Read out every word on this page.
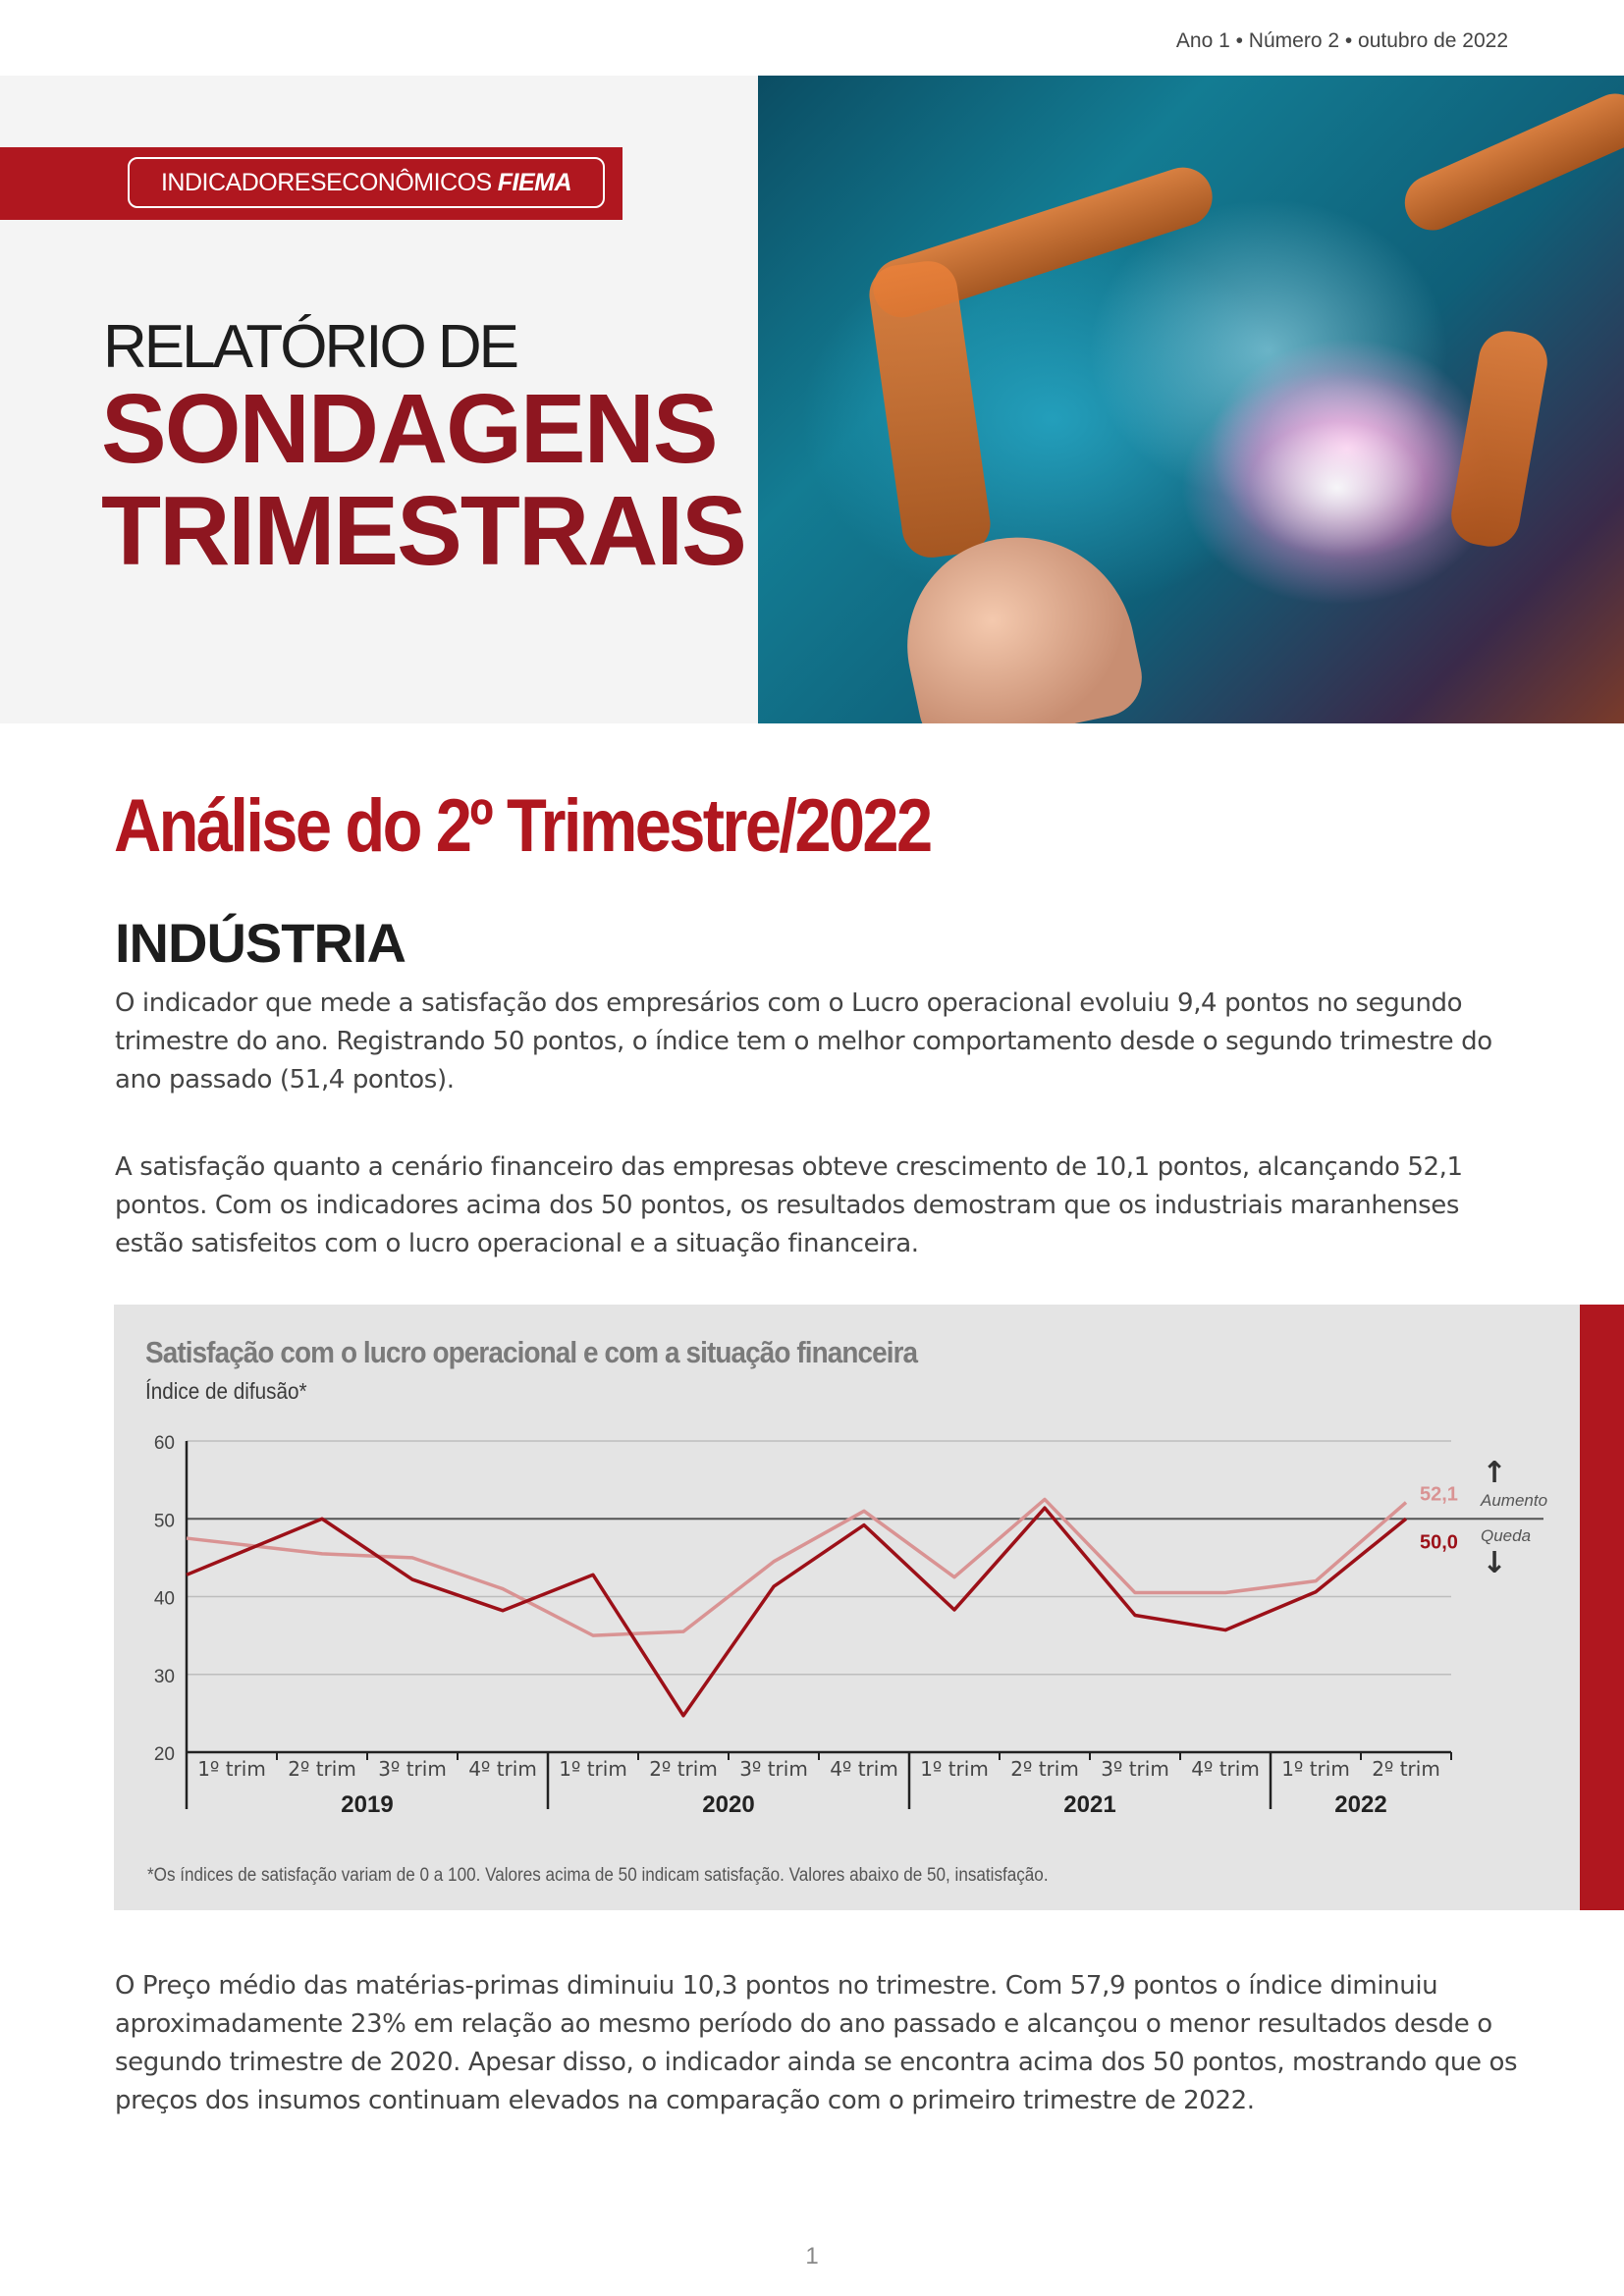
Ano 1 • Número 2 • outubro de 2022
INDICADORES ECONÔMICOS FIEMA
RELATÓRIO DE
SONDAGENS
TRIMESTRAIS
Análise do 2º Trimestre/2022
INDÚSTRIA

O indicador que mede a satisfação dos empresários com o Lucro operacional evoluiu 9,4 pontos no segundo trimestre do ano. Registrando 50 pontos, o índice tem o melhor comportamento desde o segundo trimestre do ano passado (51,4 pontos).

A satisfação quanto a cenário financeiro das empresas obteve crescimento de 10,1 pontos, alcançando 52,1 pontos. Com os indicadores acima dos 50 pontos, os resultados demostram que os industriais maranhenses estão satisfeitos com o lucro operacional e a situação financeira.

Satisfação com o lucro operacional e com a situação financeira
Índice de difusão*
20
30
40
50
60
1º trim 2º trim 3º trim 4º trim 1º trim 2º trim 3º trim 4º trim 1º trim 2º trim 3º trim 4º trim 1º trim 2º trim
2019	2020	2021	2022
52,1
50,0
↑
Aumento
Queda
↓
*Os índices de satisfação variam de 0 a 100. Valores acima de 50 indicam satisfação. Valores abaixo de 50, insatisfação.

O Preço médio das matérias-primas diminuiu 10,3 pontos no trimestre. Com 57,9 pontos o índice diminuiu aproximadamente 23% em relação ao mesmo período do ano passado e alcançou o menor resultados desde o segundo trimestre de 2020. Apesar disso, o indicador ainda se encontra acima dos 50 pontos, mostrando que os preços dos insumos continuam elevados na comparação com o primeiro trimestre de 2022.

1
